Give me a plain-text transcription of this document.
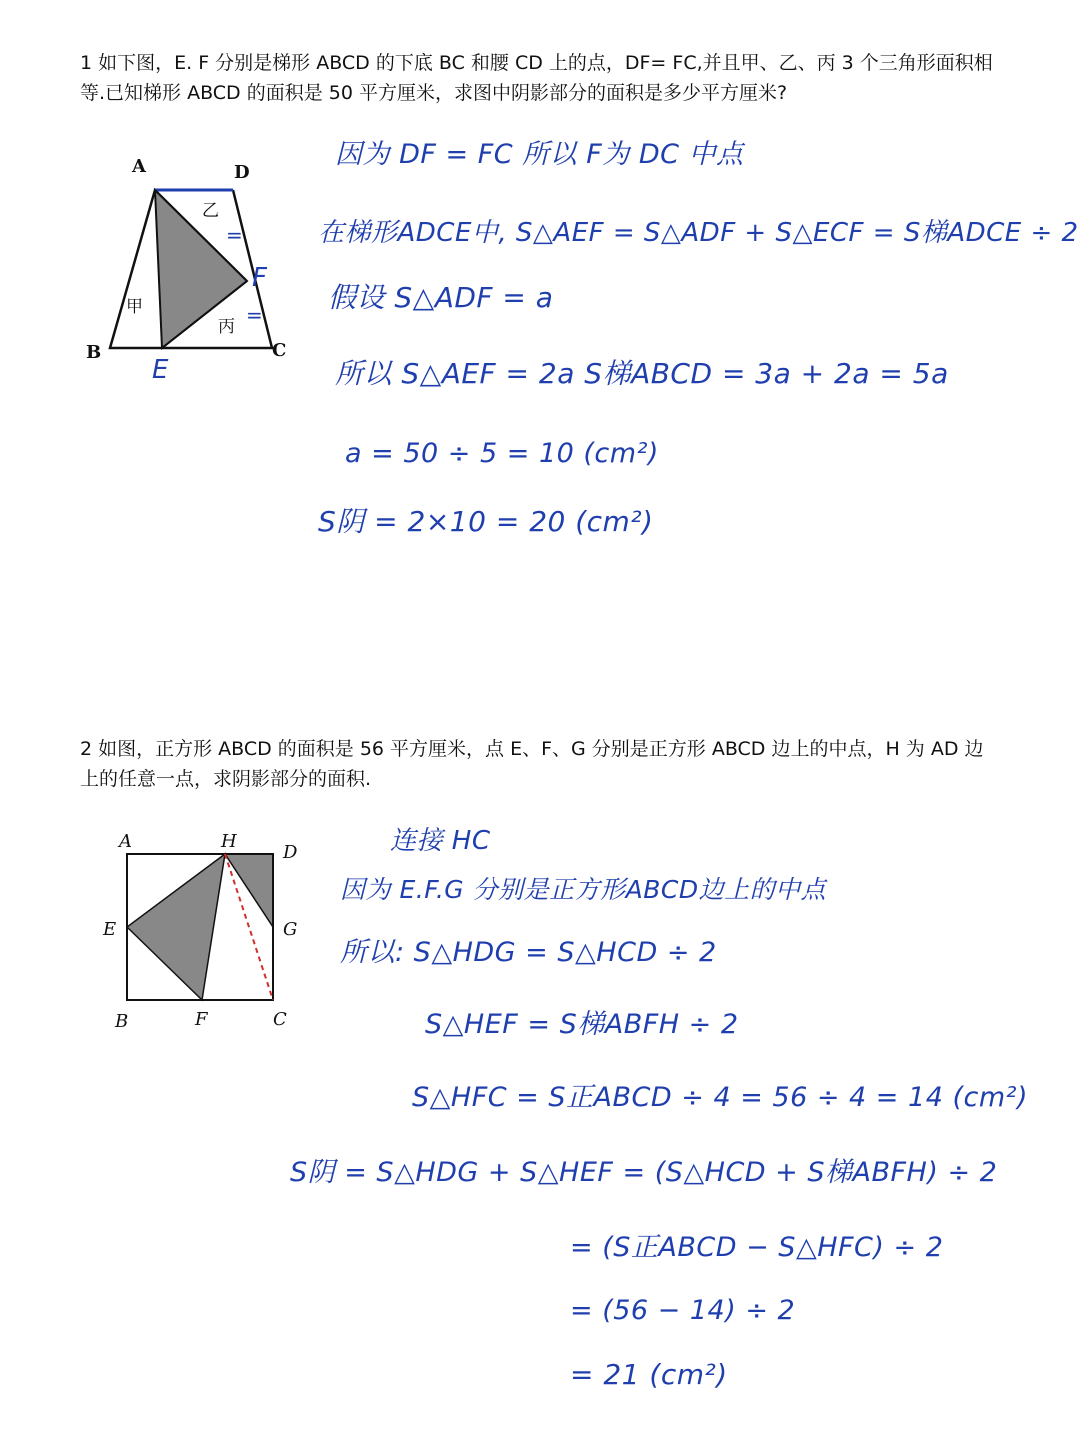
1 如下图，E. F 分别是梯形 ABCD 的下底 BC 和腰 CD 上的点，DF= FC,并且甲、乙、丙 3 个三角形面积相等.已知梯形 ABCD 的面积是 50 平方厘米，求图中阴影部分的面积是多少平方厘米?
=
=
A	D
B	C
E
F
甲
乙
丙
因为 DF = FC 所以 F为 DC 中点
在梯形ADCE中, S△AEF = S△ADF + S△ECF = S梯ADCE ÷ 2
假设 S△ADF = a
所以 S△AEF = 2a S梯ABCD = 3a + 2a = 5a
a = 50 ÷ 5 = 10 (cm²)
S阴 = 2×10 = 20 (cm²)
2 如图，正方形 ABCD 的面积是 56 平方厘米，点 E、F、G 分别是正方形 ABCD 边上的中点，H 为 AD 边上的任意一点，求阴影部分的面积.
A	H
D
E	G
B	F	C
连接 HC
因为 E.F.G 分别是正方形ABCD边上的中点
所以: S△HDG = S△HCD ÷ 2
S△HEF = S梯ABFH ÷ 2
S△HFC = S正ABCD ÷ 4 = 56 ÷ 4 = 14 (cm²)
S阴 = S△HDG + S△HEF = (S△HCD + S梯ABFH) ÷ 2
= (S正ABCD − S△HFC) ÷ 2
= (56 − 14) ÷ 2
= 21 (cm²)
